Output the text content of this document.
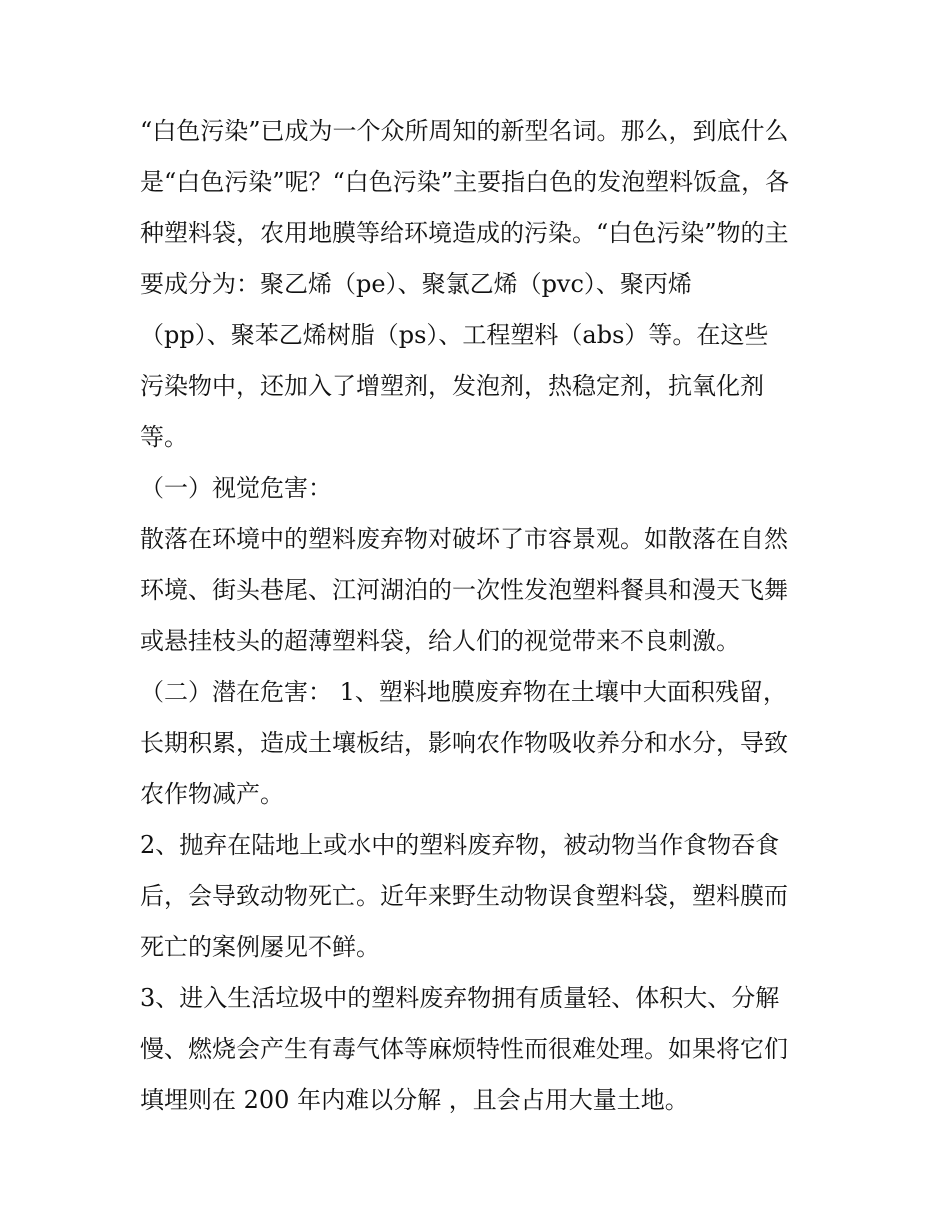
“白色污染”已成为一个众所周知的新型名词。那么，到底什么
是“白色污染”呢？“白色污染”主要指白色的发泡塑料饭盒，各
种塑料袋，农用地膜等给环境造成的污染。“白色污染”物的主
要成分为：聚乙烯（pe）、聚氯乙烯（pvc）、聚丙烯
（pp）、聚苯乙烯树脂（ps）、工程塑料（abs）等。在这些
污染物中，还加入了增塑剂，发泡剂，热稳定剂，抗氧化剂
等。

（一）视觉危害：

散落在环境中的塑料废弃物对破坏了市容景观。如散落在自然
环境、街头巷尾、江河湖泊的一次性发泡塑料餐具和漫天飞舞
或悬挂枝头的超薄塑料袋，给人们的视觉带来不良刺激。

（二）潜在危害： 1、塑料地膜废弃物在土壤中大面积残留，
长期积累，造成土壤板结，影响农作物吸收养分和水分，导致
农作物减产。

2、抛弃在陆地上或水中的塑料废弃物，被动物当作食物吞食
后，会导致动物死亡。近年来野生动物误食塑料袋，塑料膜而
死亡的案例屡见不鲜。

3、进入生活垃圾中的塑料废弃物拥有质量轻、体积大、分解
慢、燃烧会产生有毒气体等麻烦特性而很难处理。如果将它们
填埋则在 200 年内难以分解 ，且会占用大量土地。
